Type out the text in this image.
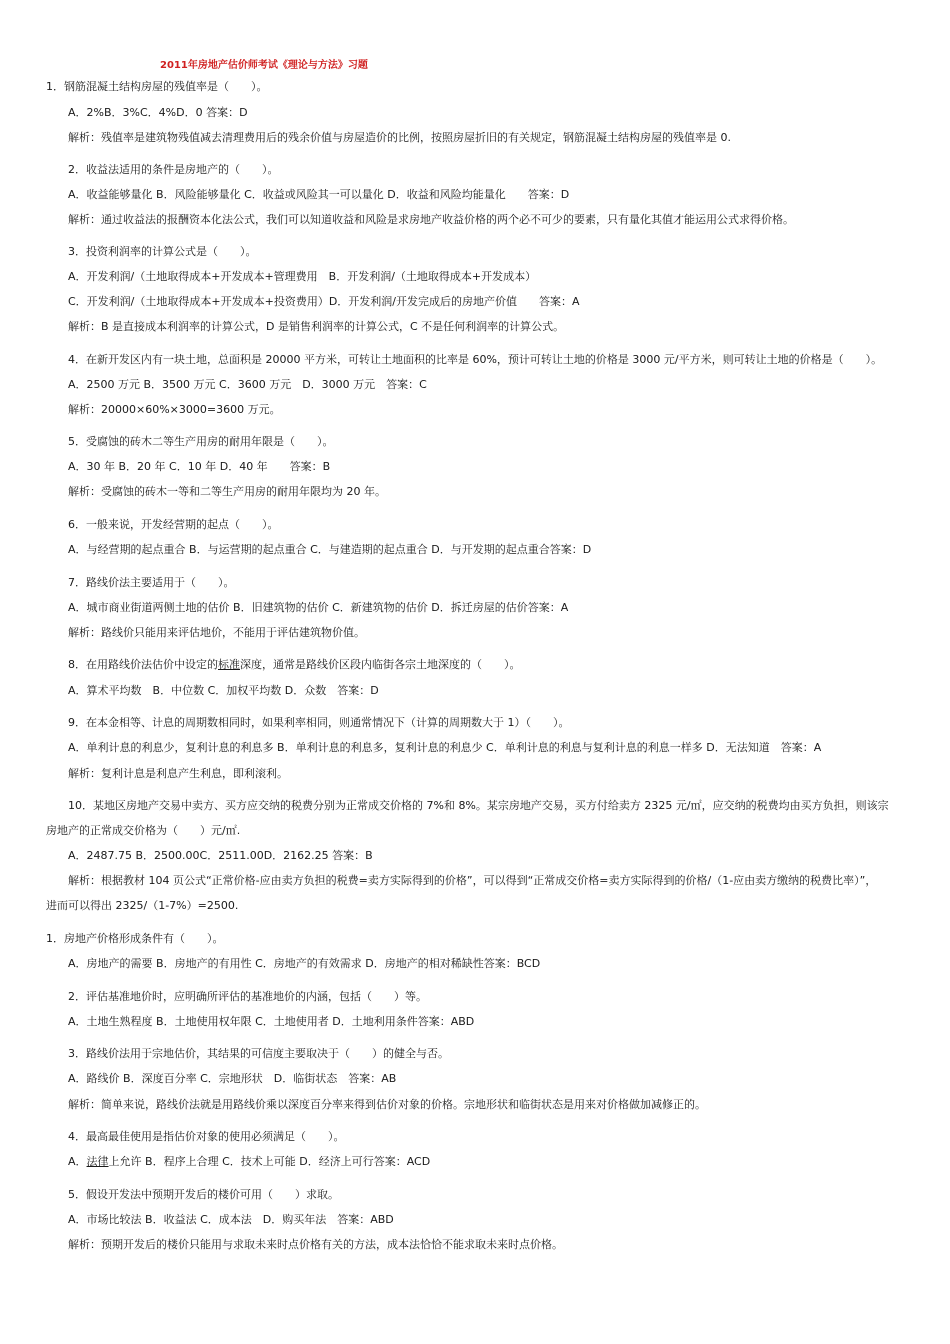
2011年房地产估价师考试《理论与方法》习题
1．钢筋混凝土结构房屋的残值率是（　　）。
A．2%B．3%C．4%D．0 答案：D
解析：残值率是建筑物残值减去清理费用后的残余价值与房屋造价的比例，按照房屋折旧的有关规定，钢筋混凝土结构房屋的残值率是 0.
2．收益法适用的条件是房地产的（　　）。
A．收益能够量化 B．风险能够量化 C．收益或风险其一可以量化 D．收益和风险均能量化　　答案：D
解析：通过收益法的报酬资本化法公式，我们可以知道收益和风险是求房地产收益价格的两个必不可少的要素，只有量化其值才能运用公式求得价格。
3．投资利润率的计算公式是（　　）。
A．开发利润/（土地取得成本+开发成本+管理费用　B．开发利润/（土地取得成本+开发成本）
C．开发利润/（土地取得成本+开发成本+投资费用）D．开发利润/开发完成后的房地产价值　　答案：A
解析：B 是直接成本利润率的计算公式，D 是销售利润率的计算公式，C 不是任何利润率的计算公式。
4．在新开发区内有一块土地，总面积是 20000 平方米，可转让土地面积的比率是 60%，预计可转让土地的价格是 3000 元/平方米，则可转让土地的价格是（　　）。
A．2500 万元 B．3500 万元 C．3600 万元　D．3000 万元　答案：C
解析：20000×60%×3000=3600 万元。
5．受腐蚀的砖木二等生产用房的耐用年限是（　　）。
A．30 年 B．20 年 C．10 年 D．40 年　　答案：B
解析：受腐蚀的砖木一等和二等生产用房的耐用年限均为 20 年。
6．一般来说，开发经营期的起点（　　）。
A．与经营期的起点重合 B．与运营期的起点重合 C．与建造期的起点重合 D．与开发期的起点重合答案：D
7．路线价法主要适用于（　　）。
A．城市商业街道两侧土地的估价 B．旧建筑物的估价 C．新建筑物的估价 D．拆迁房屋的估价答案：A
解析：路线价只能用来评估地价，不能用于评估建筑物价值。
8．在用路线价法估价中设定的标准深度，通常是路线价区段内临街各宗土地深度的（　　）。
A．算术平均数　B．中位数 C．加权平均数 D．众数　答案：D
9．在本金相等、计息的周期数相同时，如果利率相同，则通常情况下（计算的周期数大于 1）（　　）。
A．单利计息的利息少，复利计息的利息多 B．单利计息的利息多，复利计息的利息少 C．单利计息的利息与复利计息的利息一样多 D．无法知道　答案：A
解析：复利计息是利息产生利息，即利滚利。
10．某地区房地产交易中卖方、买方应交纳的税费分别为正常成交价格的 7%和 8%。某宗房地产交易，买方付给卖方 2325 元/㎡，应交纳的税费均由买方负担，则该宗
房地产的正常成交价格为（　　）元/㎡.
A．2487.75 B．2500.00C．2511.00D．2162.25 答案：B
解析：根据教材 104 页公式“正常价格-应由卖方负担的税费=卖方实际得到的价格”，可以得到“正常成交价格=卖方实际得到的价格/（1-应由卖方缴纳的税费比率）”，
进而可以得出 2325/（1-7%）=2500.
1．房地产价格形成条件有（　　）。
A．房地产的需要 B．房地产的有用性 C．房地产的有效需求 D．房地产的相对稀缺性答案：BCD
2．评估基准地价时，应明确所评估的基准地价的内涵，包括（　　）等。
A．土地生熟程度 B．土地使用权年限 C．土地使用者 D．土地利用条件答案：ABD
3．路线价法用于宗地估价，其结果的可信度主要取决于（　　）的健全与否。
A．路线价 B．深度百分率 C．宗地形状　D．临街状态　答案：AB
解析：简单来说，路线价法就是用路线价乘以深度百分率来得到估价对象的价格。宗地形状和临街状态是用来对价格做加减修正的。
4．最高最佳使用是指估价对象的使用必须满足（　　）。
A．法律上允许 B．程序上合理 C．技术上可能 D．经济上可行答案：ACD
5．假设开发法中预期开发后的楼价可用（　　）求取。
A．市场比较法 B．收益法 C．成本法　D．购买年法　答案：ABD
解析：预期开发后的楼价只能用与求取未来时点价格有关的方法，成本法恰恰不能求取未来时点价格。
